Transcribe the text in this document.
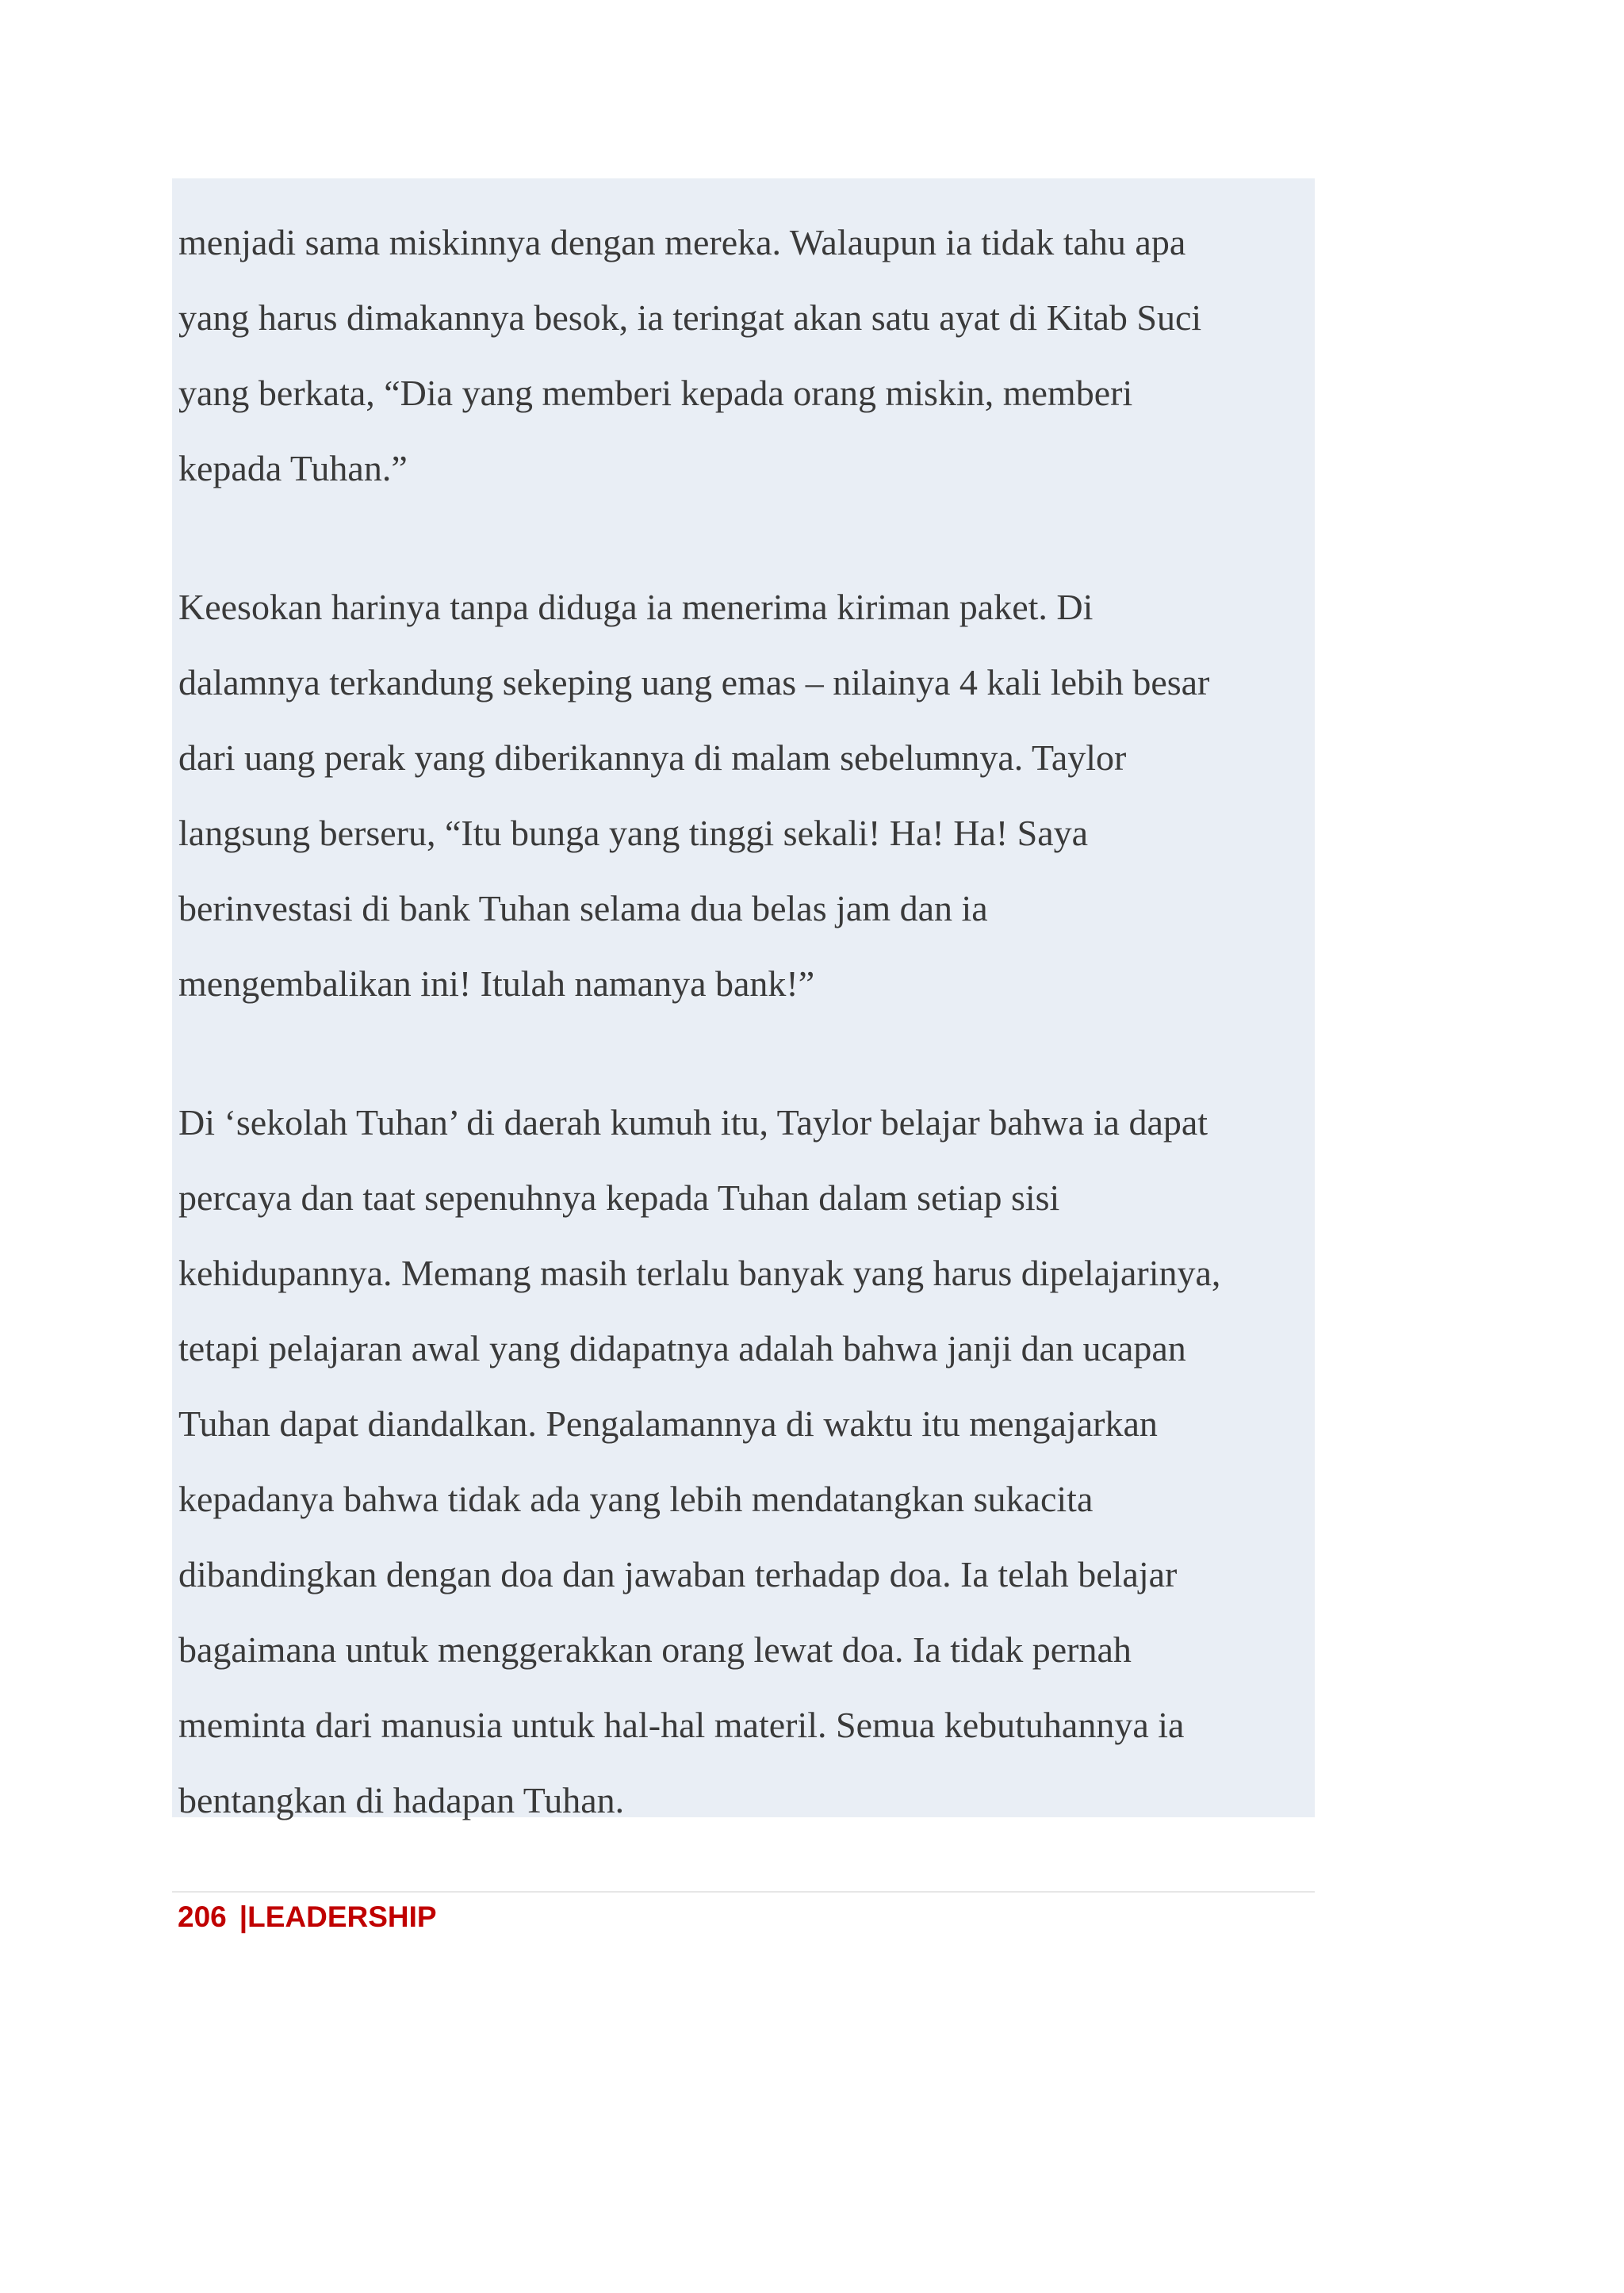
menjadi sama miskinnya dengan mereka. Walaupun ia tidak tahu apa
yang harus dimakannya besok, ia teringat akan satu ayat di Kitab Suci
yang berkata, “Dia yang memberi kepada orang miskin, memberi
kepada Tuhan.”
Keesokan harinya tanpa diduga ia menerima kiriman paket. Di
dalamnya terkandung sekeping uang emas – nilainya 4 kali lebih besar
dari uang perak yang diberikannya di malam sebelumnya. Taylor
langsung berseru, “Itu bunga yang tinggi sekali! Ha! Ha! Saya
berinvestasi di bank Tuhan selama dua belas jam dan ia
mengembalikan ini! Itulah namanya bank!”
Di ‘sekolah Tuhan’ di daerah kumuh itu, Taylor belajar bahwa ia dapat
percaya dan taat sepenuhnya kepada Tuhan dalam setiap sisi
kehidupannya. Memang masih terlalu banyak yang harus dipelajarinya,
tetapi pelajaran awal yang didapatnya adalah bahwa janji dan ucapan
Tuhan dapat diandalkan. Pengalamannya di waktu itu mengajarkan
kepadanya bahwa tidak ada yang lebih mendatangkan sukacita
dibandingkan dengan doa dan jawaban terhadap doa. Ia telah belajar
bagaimana untuk menggerakkan orang lewat doa. Ia tidak pernah
meminta dari manusia untuk hal-hal materil. Semua kebutuhannya ia
bentangkan di hadapan Tuhan.
206 |LEADERSHIP
